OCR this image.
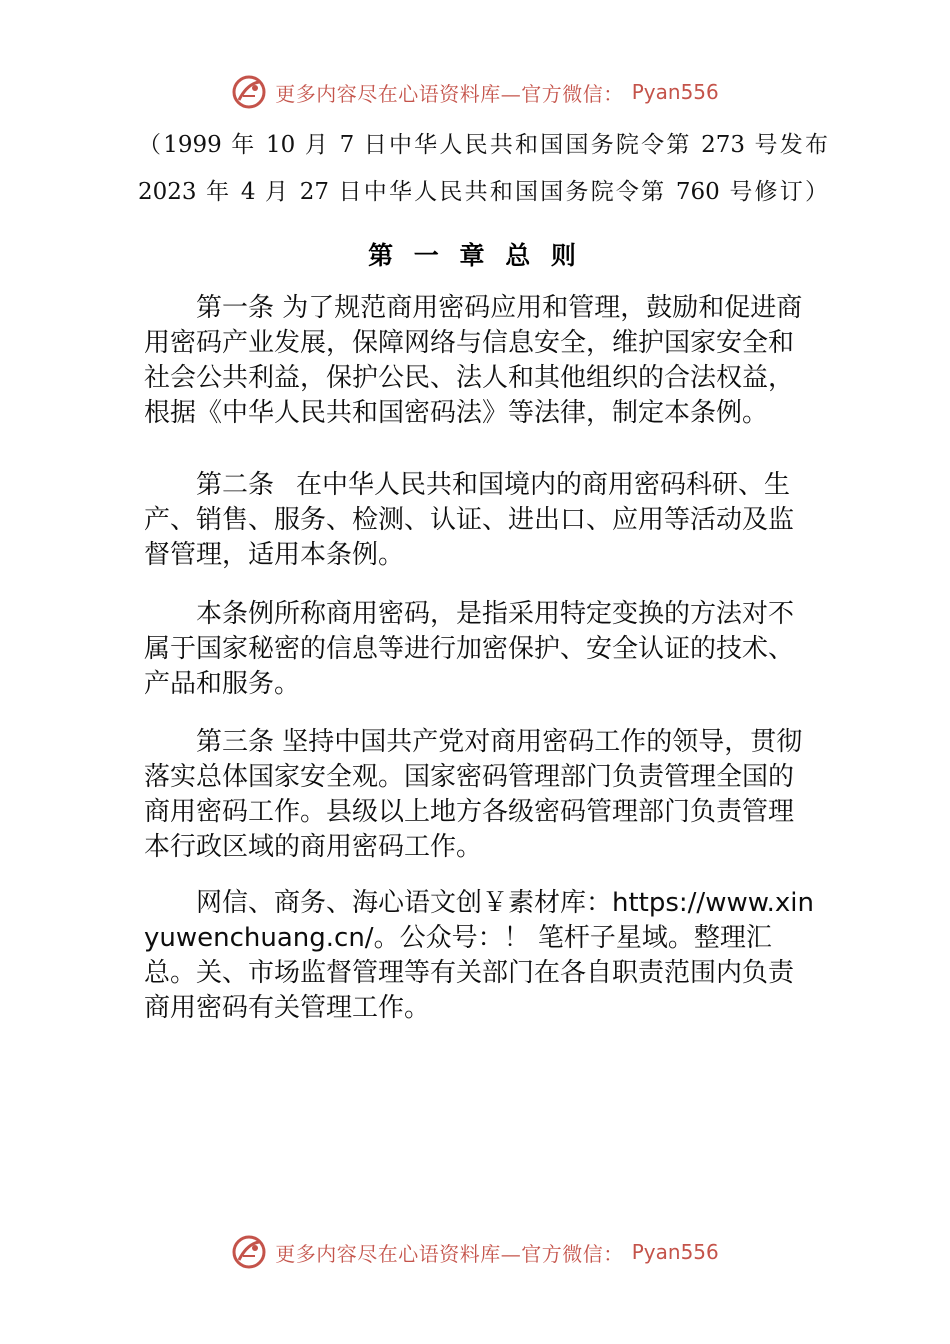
更多内容尽在心语资料库—官方微信： Pyan556
（1999 年 10 月 7 日中华人民共和国国务院令第 273 号发布
2023 年 4 月 27 日中华人民共和国国务院令第 760 号修订）
第 一 章 总 则
第一条 为了规范商用密码应用和管理，鼓励和促进商用密码产业发展，保障网络与信息安全，维护国家安全和社会公共利益，保护公民、法人和其他组织的合法权益，根据《中华人民共和国密码法》等法律，制定本条例。
第二条 在中华人民共和国境内的商用密码科研、生产、销售、服务、检测、认证、进出口、应用等活动及监督管理，适用本条例。
本条例所称商用密码，是指采用特定变换的方法对不属于国家秘密的信息等进行加密保护、安全认证的技术、产品和服务。
第三条 坚持中国共产党对商用密码工作的领导，贯彻落实总体国家安全观。国家密码管理部门负责管理全国的商用密码工作。县级以上地方各级密码管理部门负责管理本行政区域的商用密码工作。
网信、商务、海心语文创￥素材库：https://www.xinyuwenchuang.cn/。公众号：！ 笔杆子星域。整理汇总。关、市场监督管理等有关部门在各自职责范围内负责商用密码有关管理工作。
更多内容尽在心语资料库—官方微信： Pyan556
